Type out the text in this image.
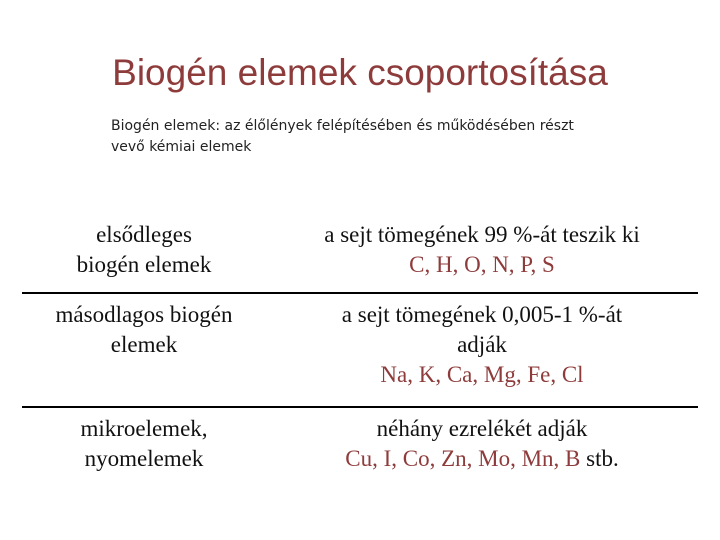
Biogén elemek csoportosítása
Biogén elemek: az élőlények felépítésében és működésében részt
vevő kémiai elemek
elsődleges
biogén elemek
a sejt tömegének 99 %-át teszik ki
C, H, O, N, P, S
másodlagos biogén
elemek
a sejt tömegének 0,005-1 %-át
adják
Na, K, Ca, Mg, Fe, Cl
mikroelemek,
nyomelemek
néhány ezrelékét adják
Cu, I, Co, Zn, Mo, Mn, B stb.
